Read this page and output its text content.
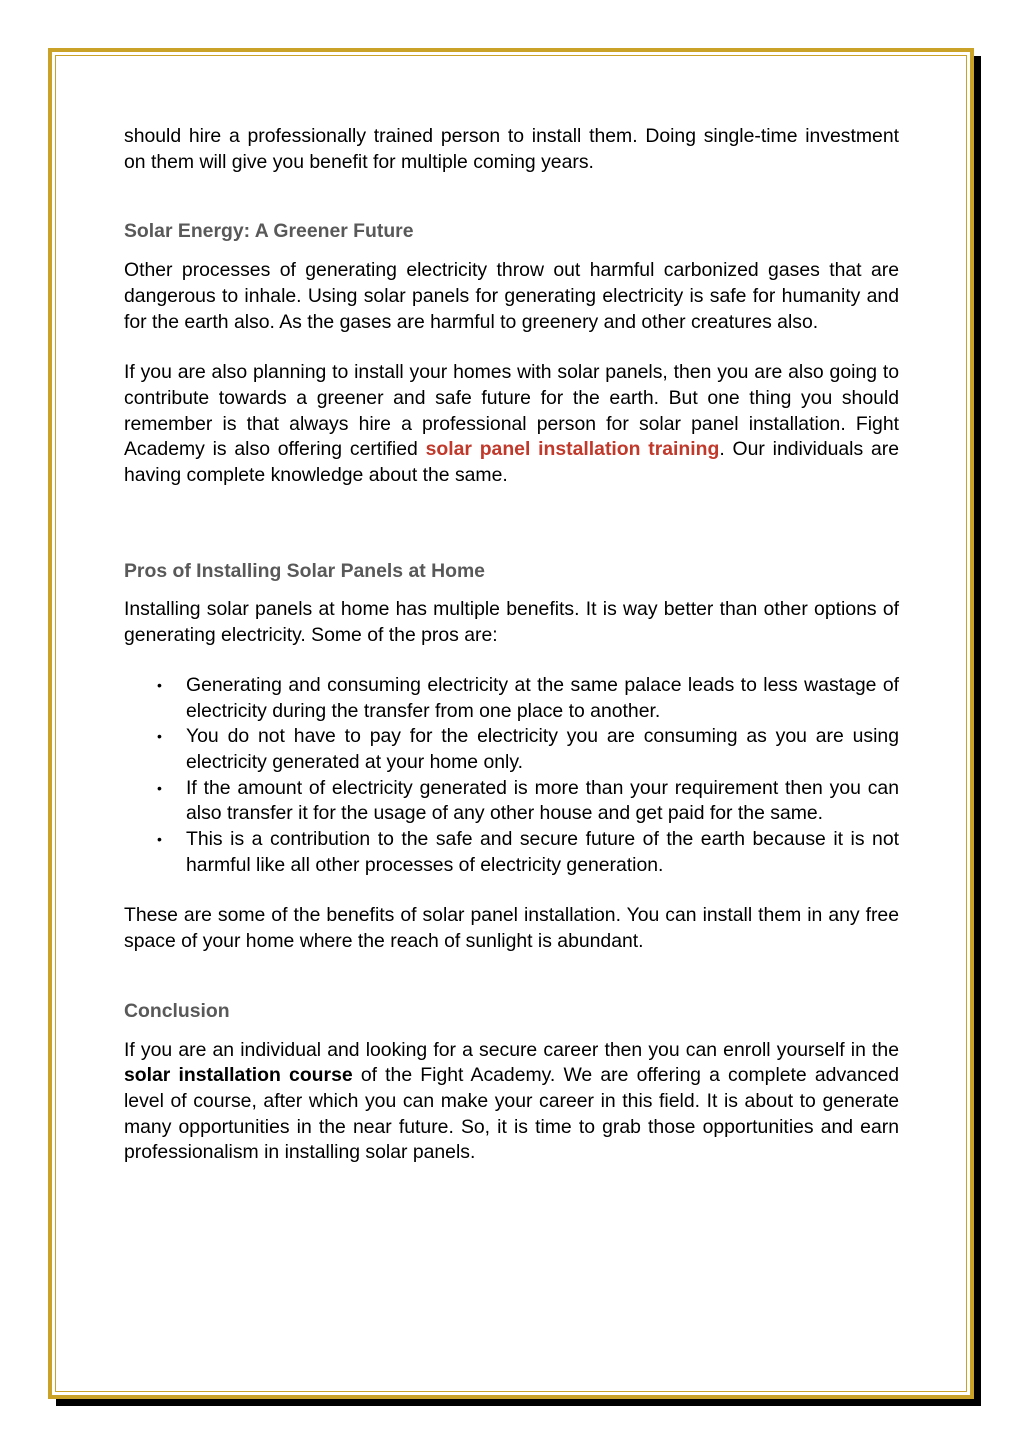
should hire a professionally trained person to install them. Doing single-time investment on them will give you benefit for multiple coming years.

Solar Energy: A Greener Future

Other processes of generating electricity throw out harmful carbonized gases that are dangerous to inhale. Using solar panels for generating electricity is safe for humanity and for the earth also. As the gases are harmful to greenery and other creatures also.

If you are also planning to install your homes with solar panels, then you are also going to contribute towards a greener and safe future for the earth. But one thing you should remember is that always hire a professional person for solar panel installation. Fight Academy is also offering certified solar panel installation training. Our individuals are having complete knowledge about the same.

Pros of Installing Solar Panels at Home

Installing solar panels at home has multiple benefits. It is way better than other options of generating electricity. Some of the pros are:

• Generating and consuming electricity at the same palace leads to less wastage of electricity during the transfer from one place to another.
• You do not have to pay for the electricity you are consuming as you are using electricity generated at your home only.
• If the amount of electricity generated is more than your requirement then you can also transfer it for the usage of any other house and get paid for the same.
• This is a contribution to the safe and secure future of the earth because it is not harmful like all other processes of electricity generation.

These are some of the benefits of solar panel installation. You can install them in any free space of your home where the reach of sunlight is abundant.

Conclusion

If you are an individual and looking for a secure career then you can enroll yourself in the solar installation course of the Fight Academy. We are offering a complete advanced level of course, after which you can make your career in this field. It is about to generate many opportunities in the near future. So, it is time to grab those opportunities and earn professionalism in installing solar panels.
